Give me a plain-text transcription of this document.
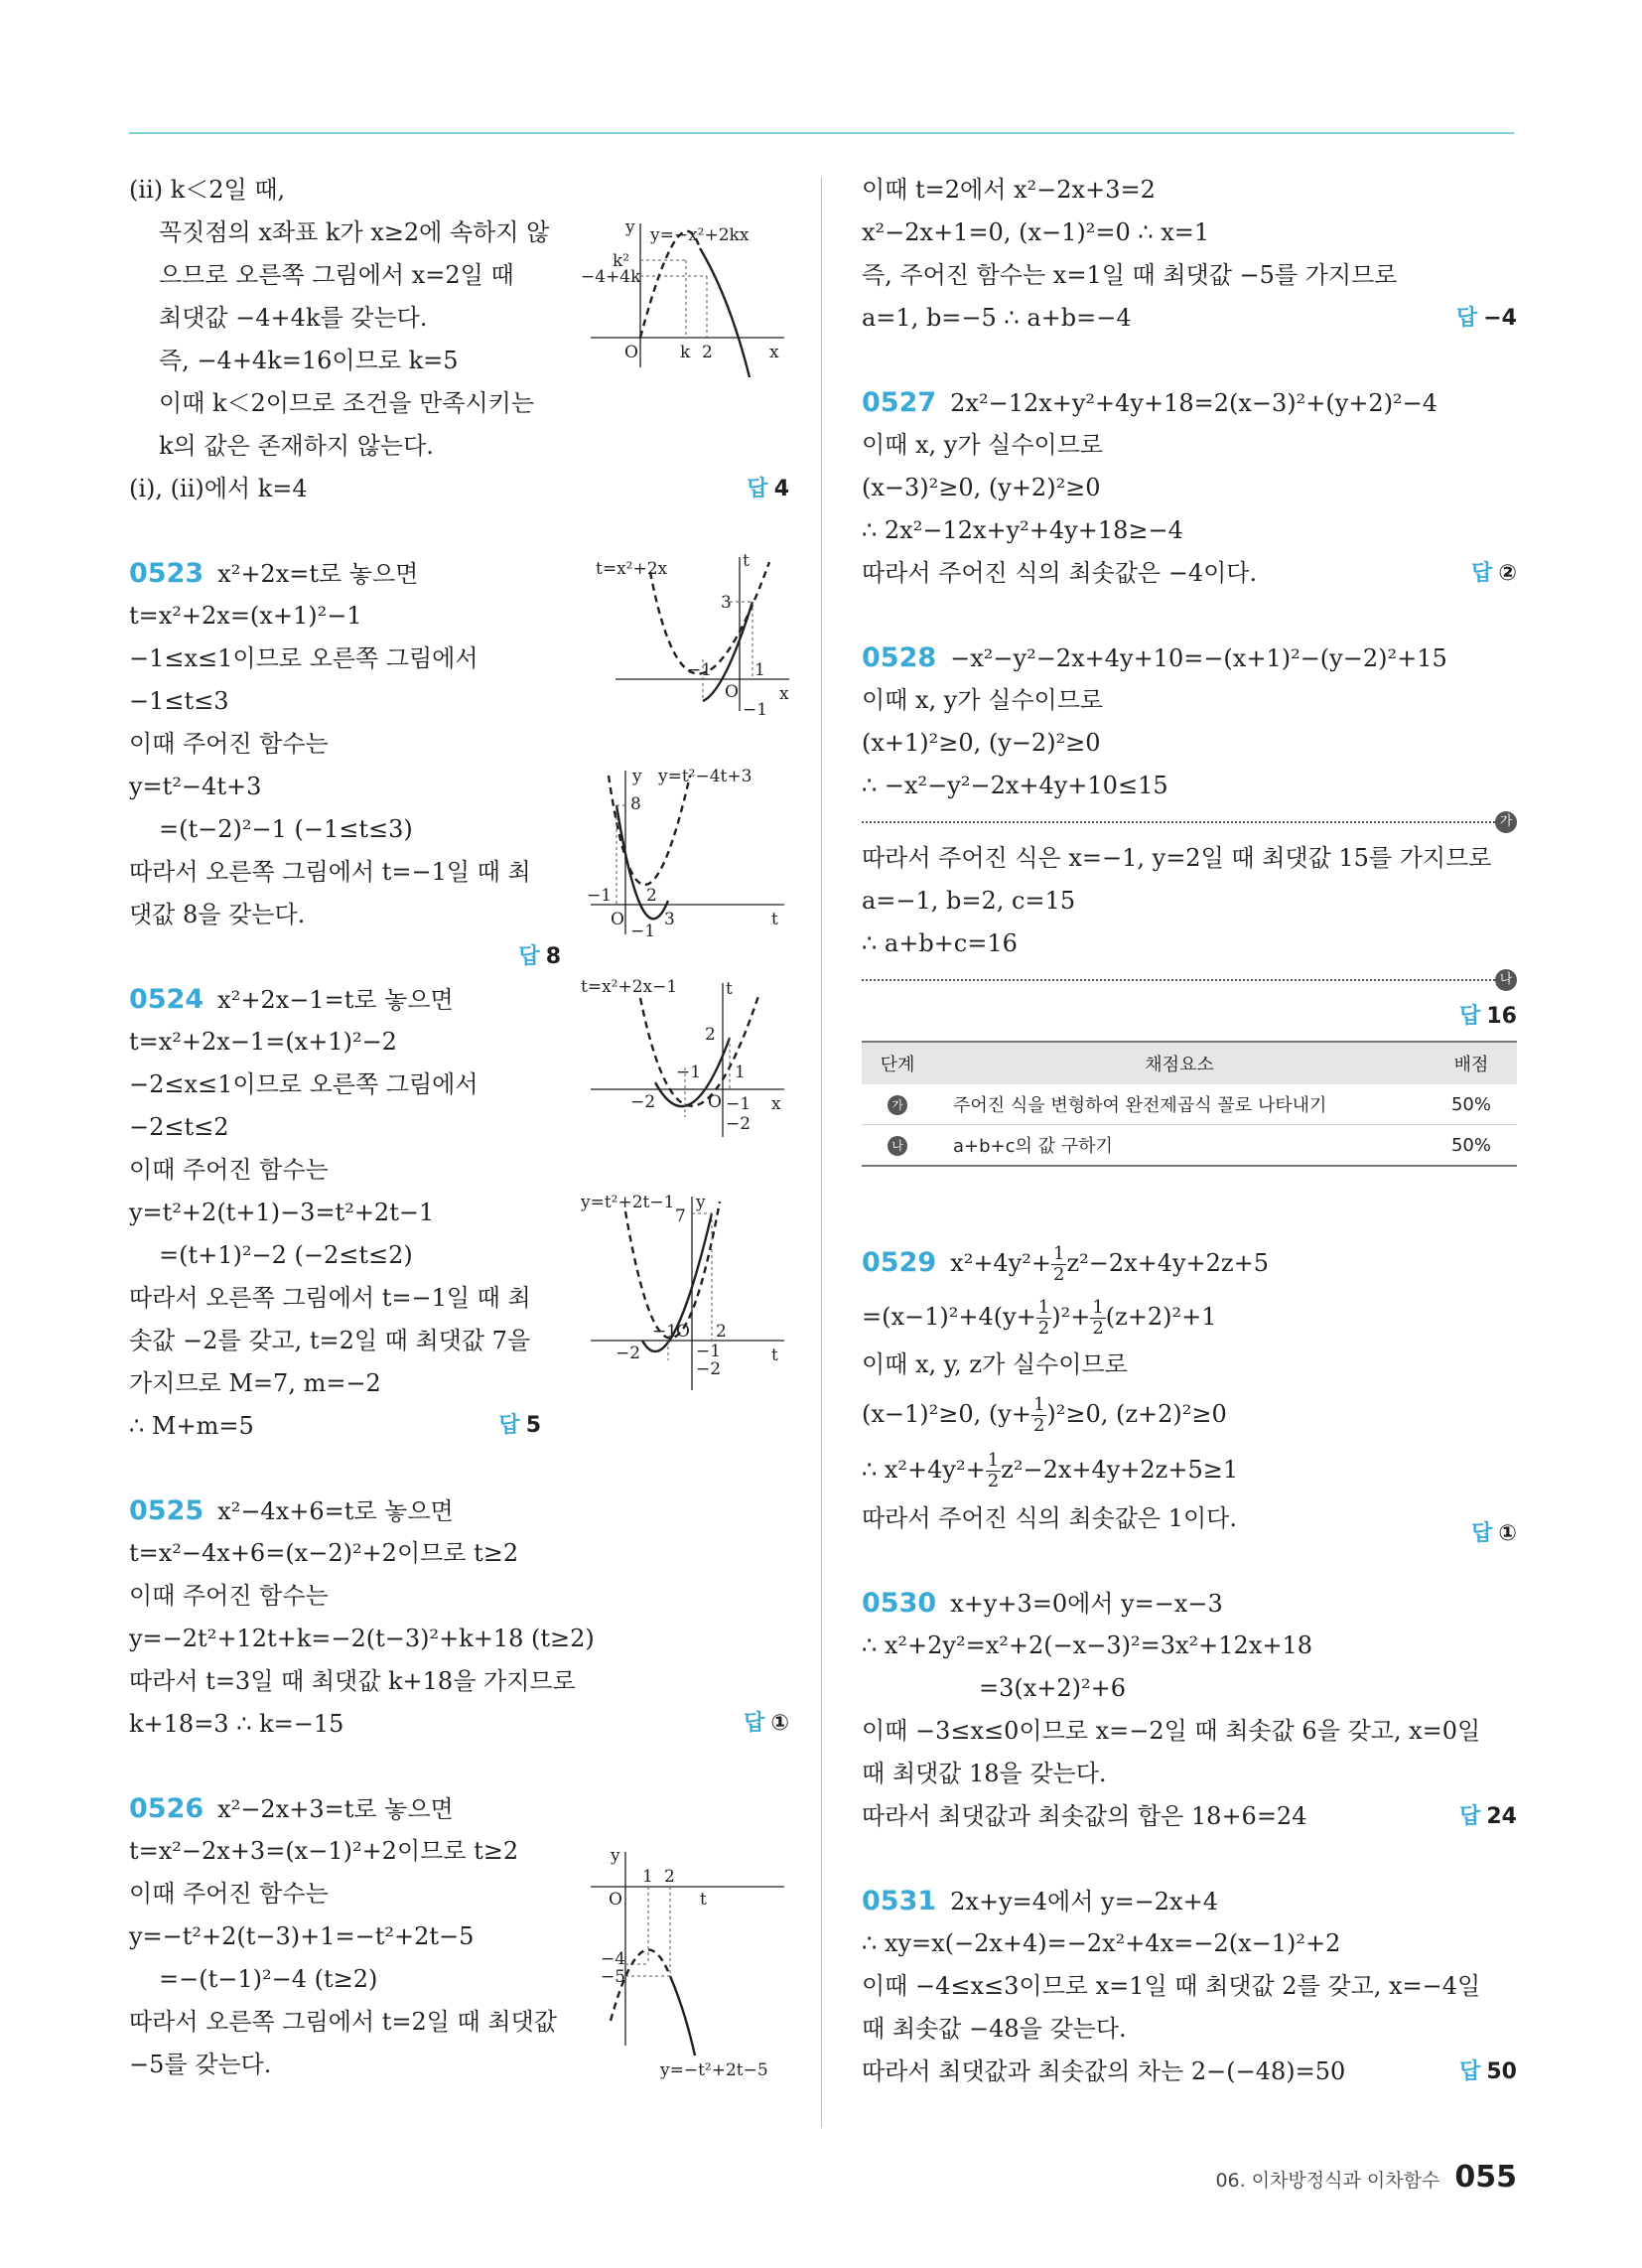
(ⅱ) k＜2일 때,
꼭짓점의 x좌표 k가 x≥2에 속하지 않
으므로 오른쪽 그림에서 x=2일 때
최댓값 −4+4k를 갖는다.
즉, −4+4k=16이므로 k=5
이때 k＜2이므로 조건을 만족시키는
k의 값은 존재하지 않는다.
(ⅰ), (ⅱ)에서 k=4	답 4
y=−x²+2kx
k²
−4+4k
O k 2	x
y
0523 x²+2x=t로 놓으면
t=x²+2x=(x+1)²−1
−1≤x≤1이므로 오른쪽 그림에서
−1≤t≤3
이때 주어진 함수는
y=t²−4t+3
=(t−2)²−1 (−1≤t≤3)
따라서 오른쪽 그림에서 t=−1일 때 최
댓값 8을 갖는다.
답 8
t=x²+2x	t
x
O
3
−1	1
−1
y y=t²−4t+3
t
O
8
−1 2
3
−1
0524 x²+2x−1=t로 놓으면
t=x²+2x−1=(x+1)²−2
−2≤x≤1이므로 오른쪽 그림에서
−2≤t≤2
이때 주어진 함수는
y=t²+2(t+1)−3=t²+2t−1
=(t+1)²−2 (−2≤t≤2)
따라서 오른쪽 그림에서 t=−1일 때 최
솟값 −2를 갖고, t=2일 때 최댓값 7을
가지므로 M=7, m=−2
∴ M+m=5	답 5
t=x²+2x−1	t
x
O
2
−1 1
−2	−1
−2
y=t²+2t−1 y
t
O
7
−1 2
−2	−1
−2
0525 x²−4x+6=t로 놓으면
t=x²−4x+6=(x−2)²+2이므로 t≥2
이때 주어진 함수는
y=−2t²+12t+k=−2(t−3)²+k+18 (t≥2)
따라서 t=3일 때 최댓값 k+18을 가지므로
k+18=3 ∴ k=−15	답 ①
0526 x²−2x+3=t로 놓으면
t=x²−2x+3=(x−1)²+2이므로 t≥2
이때 주어진 함수는
y=−t²+2(t−3)+1=−t²+2t−5
=−(t−1)²−4 (t≥2)
따라서 오른쪽 그림에서 t=2일 때 최댓값
−5를 갖는다.
y
t
O
1 2
−4
−5
y=−t²+2t−5
이때 t=2에서 x²−2x+3=2
x²−2x+1=0, (x−1)²=0 ∴ x=1
즉, 주어진 함수는 x=1일 때 최댓값 −5를 가지므로
a=1, b=−5 ∴ a+b=−4	답 −4
0527 2x²−12x+y²+4y+18=2(x−3)²+(y+2)²−4
이때 x, y가 실수이므로
(x−3)²≥0, (y+2)²≥0
∴ 2x²−12x+y²+4y+18≥−4
따라서 주어진 식의 최솟값은 −4이다.	답 ②
0528 −x²−y²−2x+4y+10=−(x+1)²−(y−2)²+15
이때 x, y가 실수이므로
(x+1)²≥0, (y−2)²≥0
∴ −x²−y²−2x+4y+10≤15
가
따라서 주어진 식은 x=−1, y=2일 때 최댓값 15를 가지므로
a=−1, b=2, c=15
∴ a+b+c=16
나
답 16
단계	채점요소	배점
가	주어진 식을 변형하여 완전제곱식 꼴로 나타내기	50%
나	a+b+c의 값 구하기	50%
0529 $x^2+4y^2+ \frac{1}{2} z^2-2x+4y+2z+5$
$=(x-1)^2+4(y+ \frac{1}{2} )^2+ \frac{1}{2} (z+2)^2+1$
이때 x, y, z가 실수이므로
(x−1)²≥0, $(y+ \frac{1}{2} )^2\ge 0$, (z+2)²≥0
∴ $x^2+4y^2+ \frac{1}{2} z^2-2x+4y+2z+5\ge 1$
따라서 주어진 식의 최솟값은 1이다.
답 ①
0530 x+y+3=0에서 y=−x−3
∴ x²+2y²=x²+2(−x−3)²=3x²+12x+18
=3(x+2)²+6
이때 −3≤x≤0이므로 x=−2일 때 최솟값 6을 갖고, x=0일
때 최댓값 18을 갖는다.
따라서 최댓값과 최솟값의 합은 18+6=24	답 24
0531 2x+y=4에서 y=−2x+4
∴ xy=x(−2x+4)=−2x²+4x=−2(x−1)²+2
이때 −4≤x≤3이므로 x=1일 때 최댓값 2를 갖고, x=−4일
때 최솟값 −48을 갖는다.
따라서 최댓값과 최솟값의 차는 2−(−48)=50	답 50
06. 이차방정식과 이차함수 055
